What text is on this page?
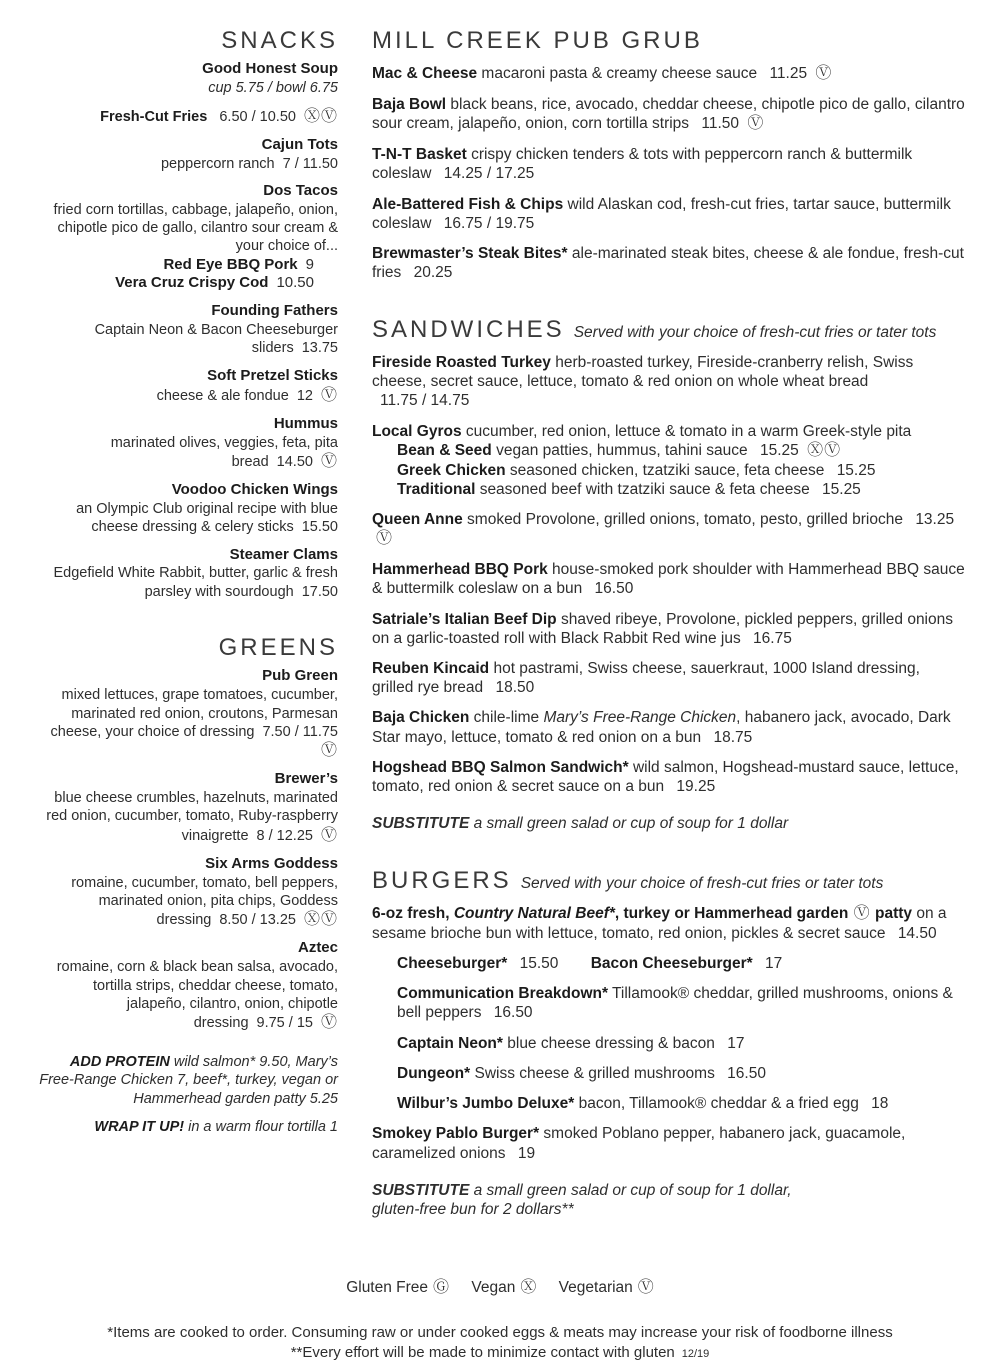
SNACKS
Good Honest Soup
cup 5.75 / bowl 6.75
Fresh-Cut Fries 6.50 / 10.50 ⓍⓋ
Cajun Tots
peppercorn ranch 7 / 11.50
Dos Tacos
fried corn tortillas, cabbage, jalapeño, onion, chipotle pico de gallo, cilantro sour cream & your choice of...
Red Eye BBQ Pork 9
Vera Cruz Crispy Cod 10.50
Founding Fathers
Captain Neon & Bacon Cheeseburger sliders 13.75
Soft Pretzel Sticks
cheese & ale fondue 12 Ⓥ
Hummus
marinated olives, veggies, feta, pita bread 14.50 Ⓥ
Voodoo Chicken Wings
an Olympic Club original recipe with blue cheese dressing & celery sticks 15.50
Steamer Clams
Edgefield White Rabbit, butter, garlic & fresh parsley with sourdough 17.50
GREENS
Pub Green
mixed lettuces, grape tomatoes, cucumber, marinated red onion, croutons, Parmesan cheese, your choice of dressing 7.50 / 11.75 Ⓥ
Brewer’s
blue cheese crumbles, hazelnuts, marinated red onion, cucumber, tomato, Ruby-raspberry vinaigrette 8 / 12.25 Ⓥ
Six Arms Goddess
romaine, cucumber, tomato, bell peppers, marinated onion, pita chips, Goddess dressing 8.50 / 13.25 ⓍⓋ
Aztec
romaine, corn & black bean salsa, avocado, tortilla strips, cheddar cheese, tomato, jalapeño, cilantro, onion, chipotle dressing 9.75 / 15 Ⓥ
ADD PROTEIN wild salmon* 9.50, Mary’s Free-Range Chicken 7, beef*, turkey, vegan or Hammerhead garden patty 5.25
WRAP IT UP! in a warm flour tortilla 1
MILL CREEK PUB GRUB
Mac & Cheese macaroni pasta & creamy cheese sauce 11.25 Ⓥ
Baja Bowl black beans, rice, avocado, cheddar cheese, chipotle pico de gallo, cilantro sour cream, jalapeño, onion, corn tortilla strips 11.50 Ⓥ
T-N-T Basket crispy chicken tenders & tots with peppercorn ranch & buttermilk coleslaw 14.25 / 17.25
Ale-Battered Fish & Chips wild Alaskan cod, fresh-cut fries, tartar sauce, buttermilk coleslaw 16.75 / 19.75
Brewmaster’s Steak Bites* ale-marinated steak bites, cheese & ale fondue, fresh-cut fries 20.25
SANDWICHES Served with your choice of fresh-cut fries or tater tots
Fireside Roasted Turkey herb-roasted turkey, Fireside-cranberry relish, Swiss cheese, secret sauce, lettuce, tomato & red onion on whole wheat bread 11.75 / 14.75
Local Gyros cucumber, red onion, lettuce & tomato in a warm Greek-style pita
Bean & Seed vegan patties, hummus, tahini sauce 15.25 ⓍⓋ
Greek Chicken seasoned chicken, tzatziki sauce, feta cheese 15.25
Traditional seasoned beef with tzatziki sauce & feta cheese 15.25
Queen Anne smoked Provolone, grilled onions, tomato, pesto, grilled brioche 13.25 Ⓥ
Hammerhead BBQ Pork house-smoked pork shoulder with Hammerhead BBQ sauce & buttermilk coleslaw on a bun 16.50
Satriale’s Italian Beef Dip shaved ribeye, Provolone, pickled peppers, grilled onions on a garlic-toasted roll with Black Rabbit Red wine jus 16.75
Reuben Kincaid hot pastrami, Swiss cheese, sauerkraut, 1000 Island dressing, grilled rye bread 18.50
Baja Chicken chile-lime Mary’s Free-Range Chicken, habanero jack, avocado, Dark Star mayo, lettuce, tomato & red onion on a bun 18.75
Hogshead BBQ Salmon Sandwich* wild salmon, Hogshead-mustard sauce, lettuce, tomato, red onion & secret sauce on a bun 19.25
SUBSTITUTE a small green salad or cup of soup for 1 dollar
BURGERS Served with your choice of fresh-cut fries or tater tots
6-oz fresh, Country Natural Beef*, turkey or Hammerhead garden Ⓥ patty on a sesame brioche bun with lettuce, tomato, red onion, pickles & secret sauce 14.50
Cheeseburger* 15.50 Bacon Cheeseburger* 17
Communication Breakdown* Tillamook® cheddar, grilled mushrooms, onions & bell peppers 16.50
Captain Neon* blue cheese dressing & bacon 17
Dungeon* Swiss cheese & grilled mushrooms 16.50
Wilbur’s Jumbo Deluxe* bacon, Tillamook® cheddar & a fried egg 18
Smokey Pablo Burger* smoked Poblano pepper, habanero jack, guacamole, caramelized onions 19
SUBSTITUTE a small green salad or cup of soup for 1 dollar,
gluten-free bun for 2 dollars**
Gluten Free Ⓖ Vegan Ⓧ Vegetarian Ⓥ
*Items are cooked to order. Consuming raw or under cooked eggs & meats may increase your risk of foodborne illness
**Every effort will be made to minimize contact with gluten 12/19
